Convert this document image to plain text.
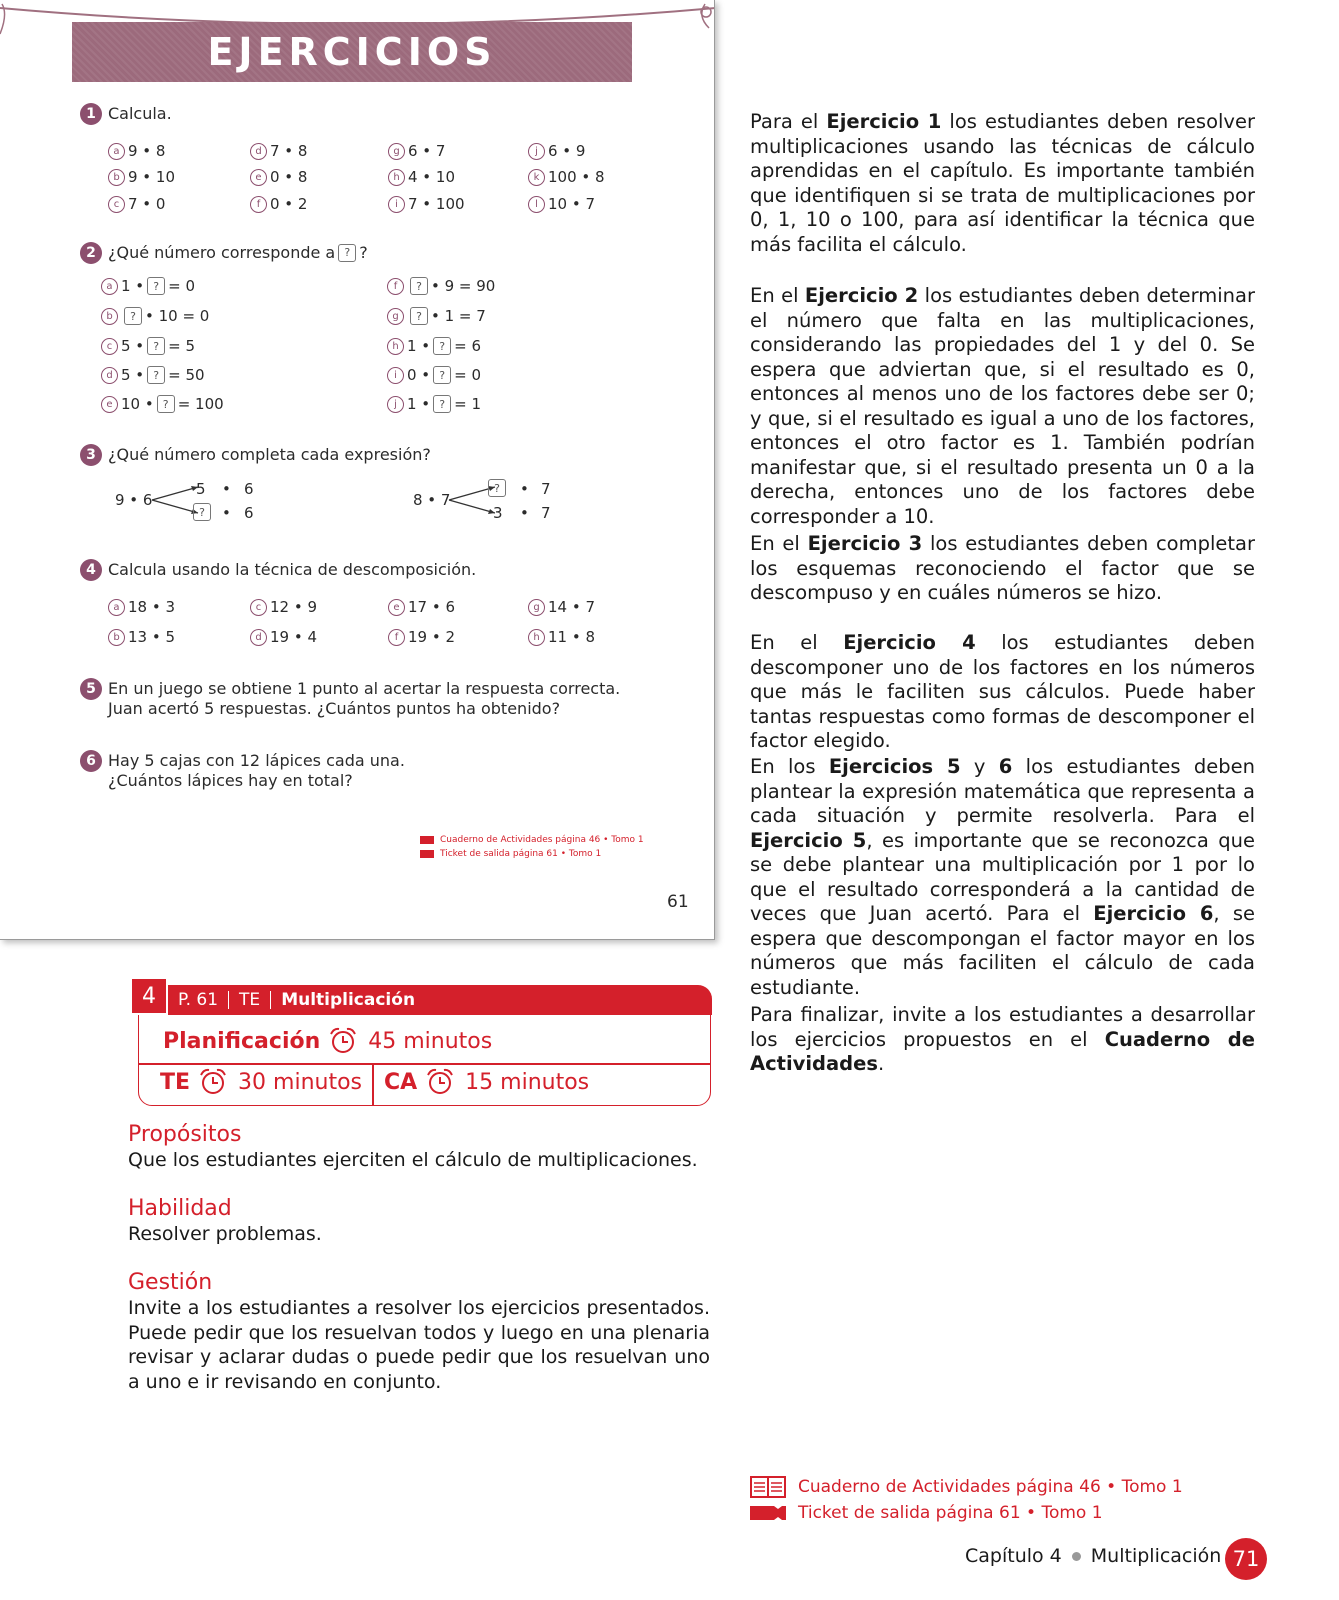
EJERCICIOS
1 Calcula.
a 9 • 8
b 9 • 10
c 7 • 0
d 7 • 8
e 0 • 8
f 0 • 2
g 6 • 7
h 4 • 10
i 7 • 100
j 6 • 9
k 100 • 8
l 10 • 7
2 ¿Qué número corresponde a ? ?
a 1 • ? = 0
b	? • 10 = 0
c 5 • ? = 5
d 5 • ? = 50
e 10 • ? = 100
f	? • 9 = 90
g	? • 1 = 7
h 1 • ? = 6
i 0 • ? = 0
j 1 • ? = 1
3 ¿Qué número completa cada expresión?
9 • 6
5 • 6
?	• 6
8 • 7
?	• 7
3 • 7
4 Calcula usando la técnica de descomposición.
a 18 • 3
b 13 • 5
c 12 • 9
d 19 • 4
e 17 • 6
f 19 • 2
g 14 • 7
h 11 • 8
5 En un juego se obtiene 1 punto al acertar la respuesta correcta.
Juan acertó 5 respuestas. ¿Cuántos puntos ha obtenido?
6 Hay 5 cajas con 12 lápices cada una.
¿Cuántos lápices hay en total?
Cuaderno de Actividades página 46 • Tomo 1
Ticket de salida página 61 • Tomo 1
61
4	P. 61	TE	Multiplicación
Planificación 45 minutos
TE 30 minutos CA 15 minutos
Propósitos
Que los estudiantes ejerciten el cálculo de multiplicaciones.
Habilidad
Resolver problemas.
Gestión
Invite a los estudiantes a resolver los ejercicios presentados. Puede pedir que los resuelvan todos y luego en una plenaria revisar y aclarar dudas o puede pedir que los resuelvan uno a uno e ir revisando en conjunto.
Para el Ejercicio 1 los estudiantes deben resolver multiplicaciones usando las técnicas de cálculo aprendidas en el capítulo. Es importante también que identifiquen si se trata de multiplicaciones por 0, 1, 10 o 100, para así identificar la técnica que más facilita el cálculo.
En el Ejercicio 2 los estudiantes deben determinar el número que falta en las multiplicaciones, considerando las propiedades del 1 y del 0. Se espera que adviertan que, si el resultado es 0, entonces al menos uno de los factores debe ser 0; y que, si el resultado es igual a uno de los factores, entonces el otro factor es 1. También podrían manifestar que, si el resultado presenta un 0 a la derecha, entonces uno de los factores debe corresponder a 10.
En el Ejercicio 3 los estudiantes deben completar los esquemas reconociendo el factor que se descompuso y en cuáles números se hizo.
En el Ejercicio 4 los estudiantes deben descomponer uno de los factores en los números que más le faciliten sus cálculos. Puede haber tantas respuestas como formas de descomponer el factor elegido.
En los Ejercicios 5 y 6 los estudiantes deben plantear la expresión matemática que representa a cada situación y permite resolverla. Para el Ejercicio 5, es importante que se reconozca que se debe plantear una multiplicación por 1 por lo que el resultado corresponderá a la cantidad de veces que Juan acertó. Para el Ejercicio 6, se espera que descompongan el factor mayor en los números que más faciliten el cálculo de cada estudiante.
Para finalizar, invite a los estudiantes a desarrollar los ejercicios propuestos en el Cuaderno de Actividades.
Cuaderno de Actividades página 46 • Tomo 1
Ticket de salida página 61 • Tomo 1
Capítulo 4 Multiplicación 71
